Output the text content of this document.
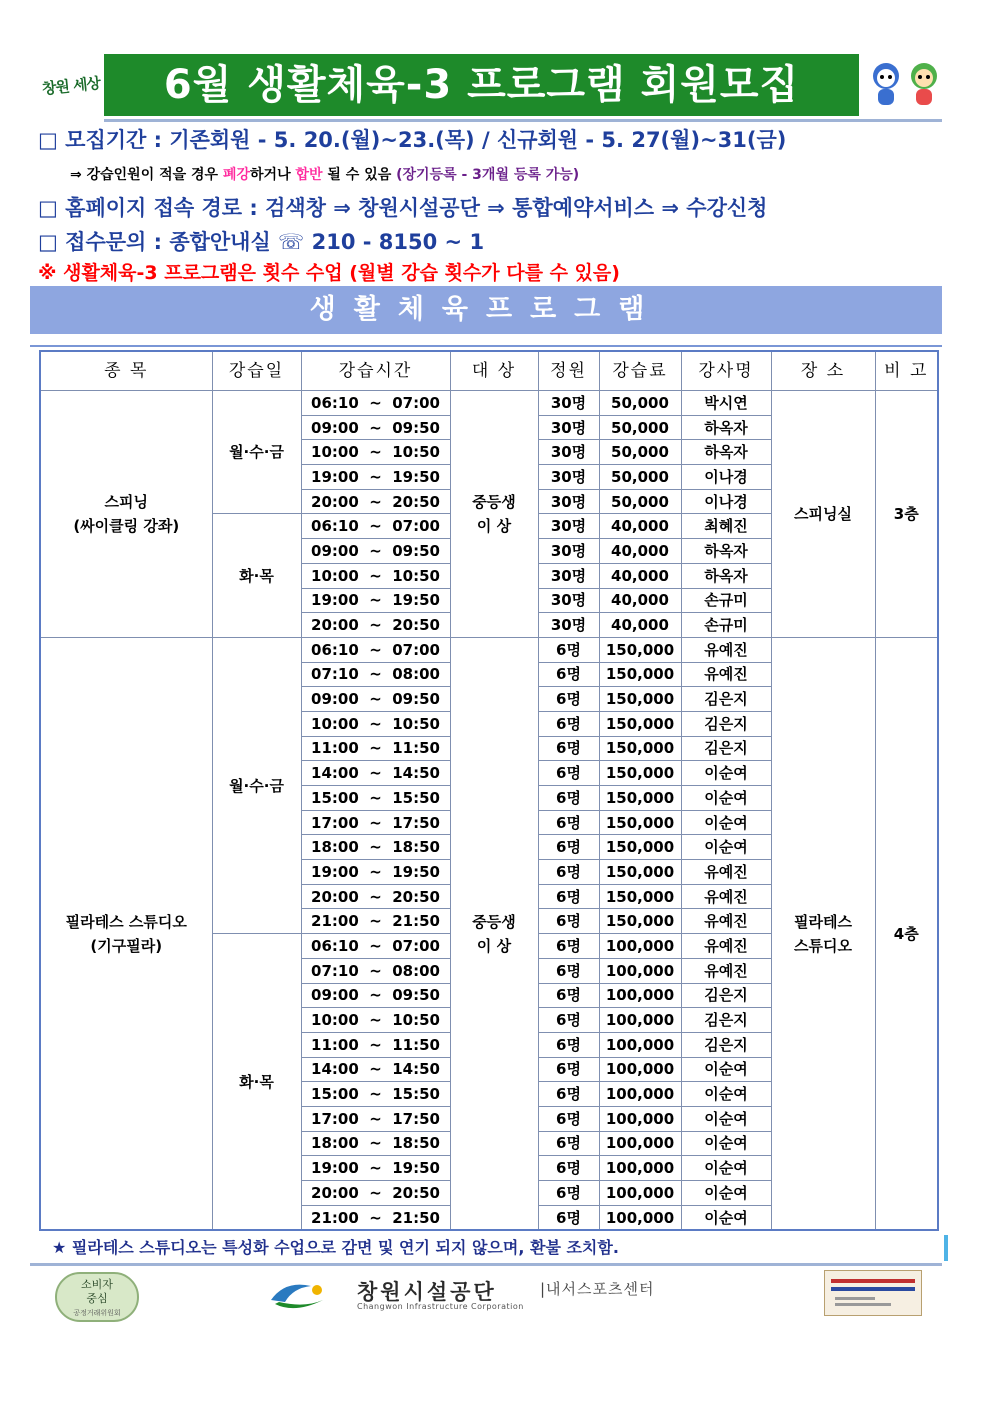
창원 세상	6월 생활체육-3 프로그램 회원모집
□ 모집기간 : 기존회원 - 5. 20.(월)~23.(목) / 신규회원 - 5. 27(월)~31(금)
⇒ 강습인원이 적을 경우 폐강하거나 합반 될 수 있음 (장기등록 - 3개월 등록 가능)
□ 홈페이지 접속 경로 : 검색창 ⇒ 창원시설공단 ⇒ 통합예약서비스 ⇒ 수강신청
□ 접수문의 : 종합안내실 ☏ 210 - 8150 ~ 1
※ 생활체육-3 프로그램은 횟수 수업 (월별 강습 횟수가 다를 수 있음)
생활체육프로그램
종 목	강습일	강습시간	대 상	정원	강습료	강사명	장 소	비 고

스피닝
(싸이클링 강좌)	월·수·금	06:10  ~  07:00	중등생 이 상	30명	50,000	박시연	스피닝실	3층
		09:00  ~  09:50		30명	50,000	하옥자		
		10:00  ~  10:50		30명	50,000	하옥자		
		19:00  ~  19:50		30명	50,000	이나경		
		20:00  ~  20:50		30명	50,000	이나경		
	화·목	06:10  ~  07:00		30명	40,000	최혜진		
		09:00  ~  09:50		30명	40,000	하옥자		
		10:00  ~  10:50		30명	40,000	하옥자		
		19:00  ~  19:50		30명	40,000	손규미		
		20:00  ~  20:50		30명	40,000	손규미		

필라테스 스튜디오
(기구필라)	월·수·금	06:10  ~  07:00	중등생 이 상	6명	150,000	유예진	필라테스 스튜디오	4층
		07:10  ~  08:00		6명	150,000	유예진		
		09:00  ~  09:50		6명	150,000	김은지		
		10:00  ~  10:50		6명	150,000	김은지		
		11:00  ~  11:50		6명	150,000	김은지		
		14:00  ~  14:50		6명	150,000	이순여		
		15:00  ~  15:50		6명	150,000	이순여		
		17:00  ~  17:50		6명	150,000	이순여		
		18:00  ~  18:50		6명	150,000	이순여		
		19:00  ~  19:50		6명	150,000	유예진		
		20:00  ~  20:50		6명	150,000	유예진		
		21:00  ~  21:50		6명	150,000	유예진		
	화·목	06:10  ~  07:00		6명	100,000	유예진		
		07:10  ~  08:00		6명	100,000	유예진		
		09:00  ~  09:50		6명	100,000	김은지		
		10:00  ~  10:50		6명	100,000	김은지		
		11:00  ~  11:50		6명	100,000	김은지		
		14:00  ~  14:50		6명	100,000	이순여		
		15:00  ~  15:50		6명	100,000	이순여		
		17:00  ~  17:50		6명	100,000	이순여		
		18:00  ~  18:50		6명	100,000	이순여		
		19:00  ~  19:50		6명	100,000	이순여		
		20:00  ~  20:50		6명	100,000	이순여		
		21:00  ~  21:50		6명	100,000	이순여		
★ 필라테스 스튜디오는 특성화 수업으로 감면 및 연기 되지 않으며, 환불 조치함.
소비자
중심
공정거래위원회
창원시설공단
Changwon Infrastructure Corporation
|내서스포츠센터
